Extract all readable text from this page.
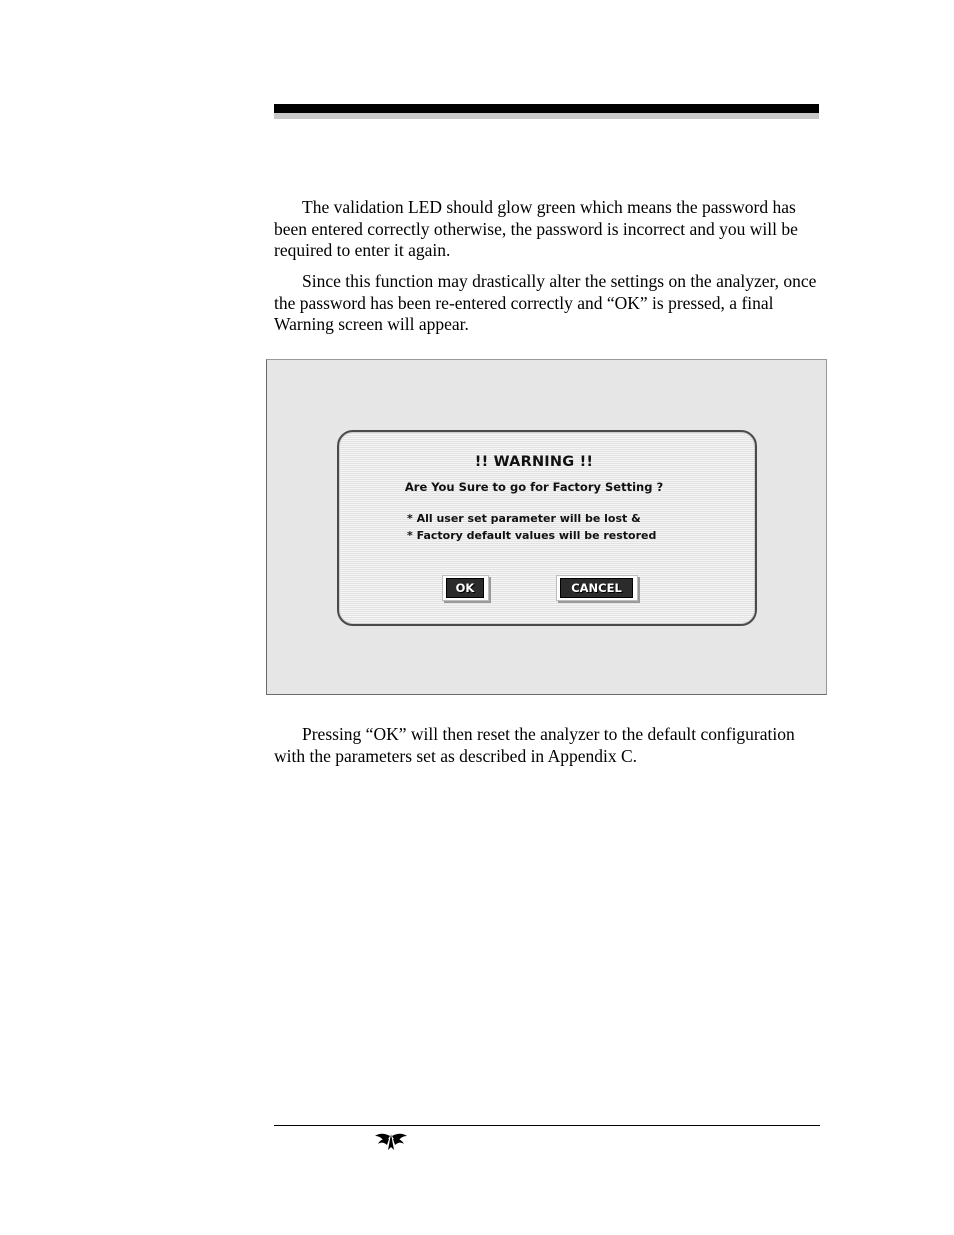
The validation LED should glow green which means the password has been entered correctly otherwise, the password is incorrect and you will be required to enter it again.

Since this function may drastically alter the settings on the analyzer, once the password has been re-entered correctly and “OK” is pressed, a final Warning screen will appear.

!! WARNING !!
Are You Sure to go for Factory Setting ?
* All user set parameter will be lost &
* Factory default values will be restored
OK	CANCEL

Pressing “OK” will then reset the analyzer to the default configuration with the parameters set as described in Appendix C.
